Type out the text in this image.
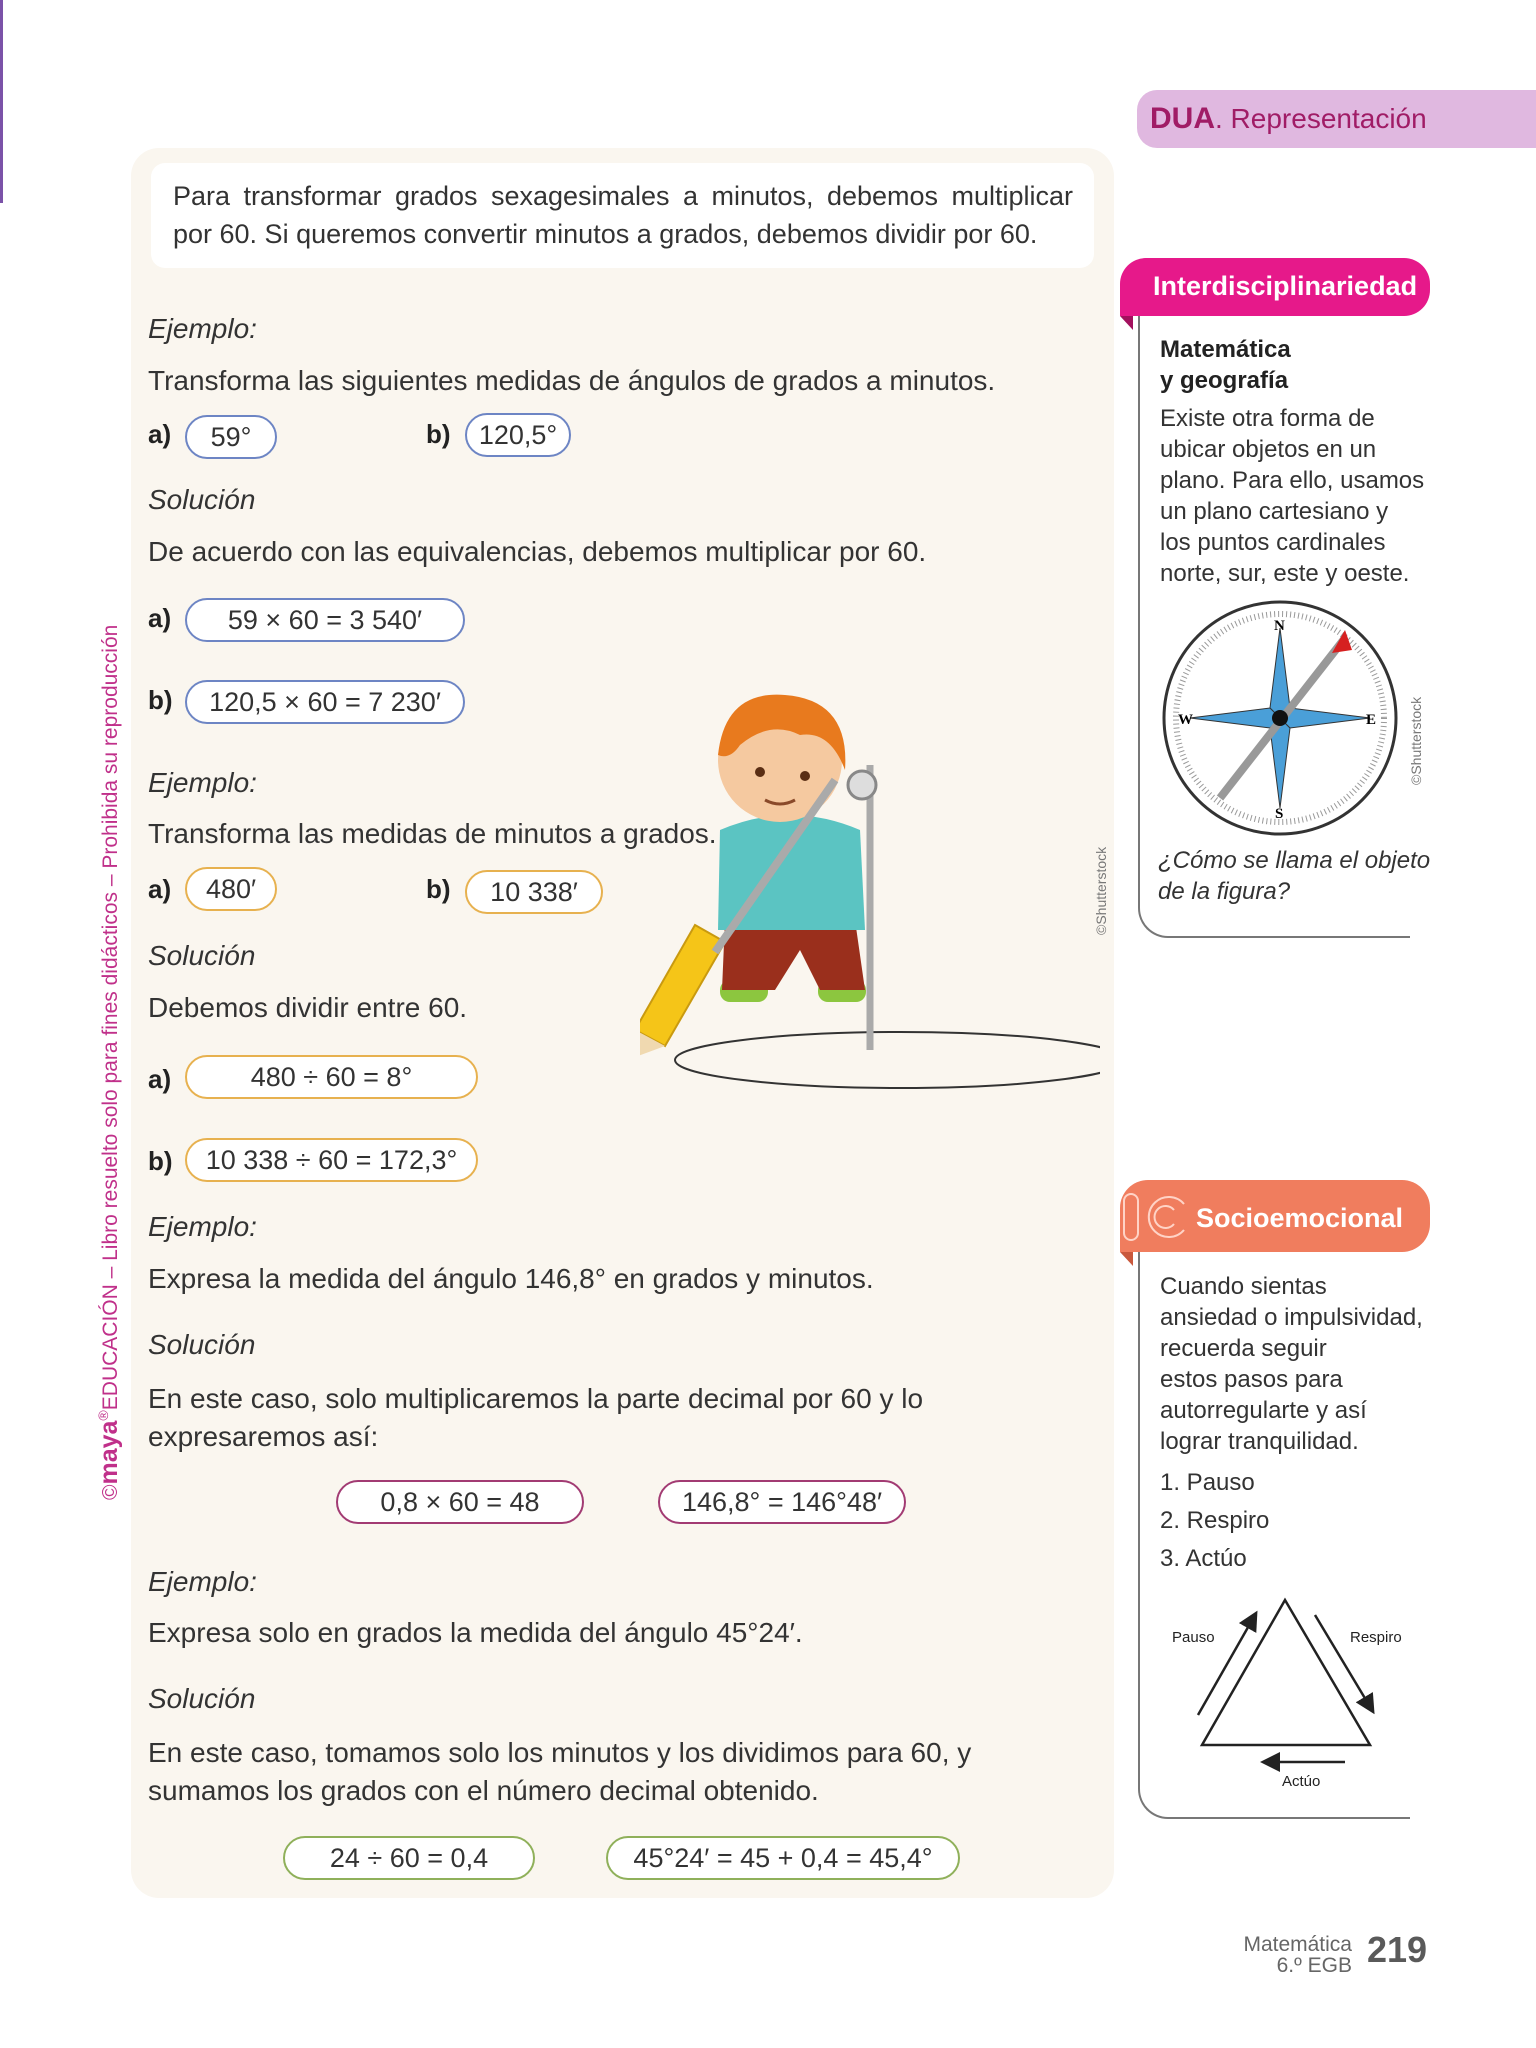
©maya®EDUCACIÓN – Libro resuelto solo para fines didácticos – Prohibida su reproducción
DUA. Representación
Para transformar grados sexagesimales a minutos, debemos multiplicar por 60. Si queremos convertir minutos a grados, debemos dividir por 60.
Ejemplo:
Transforma las siguientes medidas de ángulos de grados a minutos.
a)	59°	b)	120,5°
Solución
De acuerdo con las equivalencias, debemos multiplicar por 60.
a)	59 × 60 = 3 540′
b)	120,5 × 60 = 7 230′
Ejemplo:
Transforma las medidas de minutos a grados.
a)	480′	b)	10 338′
Solución
Debemos dividir entre 60.
a)	480 ÷ 60 = 8°
b)	10 338 ÷ 60 = 172,3°
©Shutterstock
Ejemplo:
Expresa la medida del ángulo 146,8° en grados y minutos.
Solución
En este caso, solo multiplicaremos la parte decimal por 60 y lo expresaremos así:
0,8 × 60 = 48	146,8° = 146°48′
Ejemplo:
Expresa solo en grados la medida del ángulo 45°24′.
Solución
En este caso, tomamos solo los minutos y los dividimos para 60, y sumamos los grados con el número decimal obtenido.
24 ÷ 60 = 0,4	45°24′ = 45 + 0,4 = 45,4°
Interdisciplinariedad
Matemática
y geografía
Existe otra forma de
ubicar objetos en un
plano. Para ello, usamos
un plano cartesiano y
los puntos cardinales
norte, sur, este y oeste.
N
S
E
W	©Shutterstock
¿Cómo se llama el objeto
de la figura?
Socioemocional
Cuando sientas
ansiedad o impulsividad,
recuerda seguir
estos pasos para
autorregularte y así
lograr tranquilidad.
1. Pauso
2. Respiro
3. Actúo
Pauso	Respiro
Actúo
Matemática
6.º EGB 219
